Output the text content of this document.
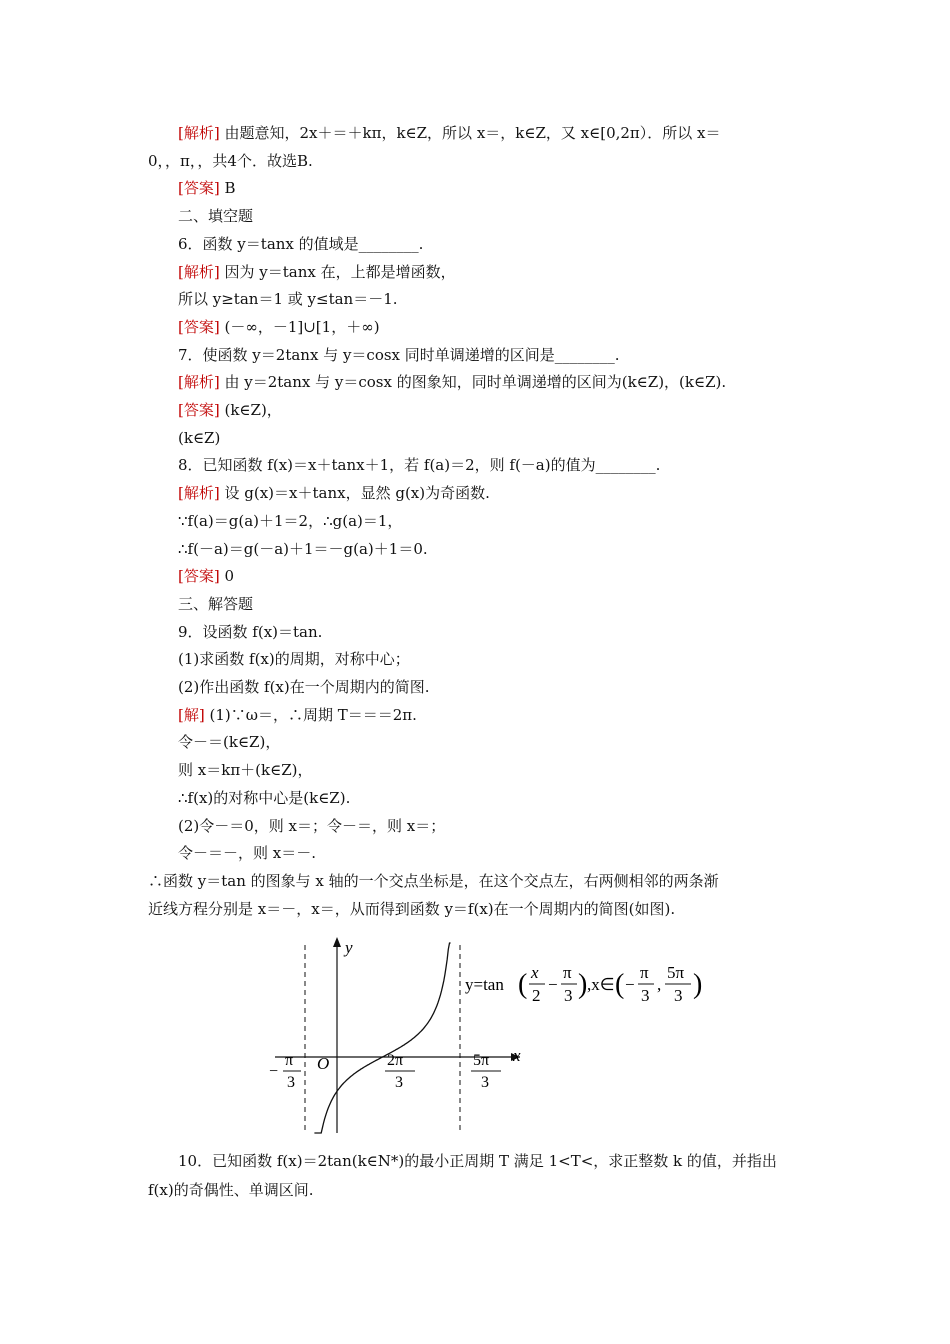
[解析] 由题意知，2x＋＝＋kπ，k∈Z，所以 x＝，k∈Z，又 x∈[0,2π）．所以 x＝
0，，π，，共4个．故选B.
[答案] B
二、填空题
6．函数 y＝tanx 的值域是________.
[解析] 因为 y＝tanx 在，上都是增函数，
所以 y≥tan＝1 或 y≤tan＝－1.
[答案] (－∞，－1]∪[1，＋∞)
7．使函数 y＝2tanx 与 y＝cosx 同时单调递增的区间是________.
[解析] 由 y＝2tanx 与 y＝cosx 的图象知，同时单调递增的区间为(k∈Z)，(k∈Z).
[答案] (k∈Z)，
(k∈Z)
8．已知函数 f(x)＝x＋tanx＋1，若 f(a)＝2，则 f(－a)的值为________.
[解析] 设 g(x)＝x＋tanx，显然 g(x)为奇函数.
∵f(a)＝g(a)＋1＝2，∴g(a)＝1，
∴f(－a)＝g(－a)＋1＝－g(a)＋1＝0.
[答案] 0
三、解答题
9．设函数 f(x)＝tan.
(1)求函数 f(x)的周期，对称中心；
(2)作出函数 f(x)在一个周期内的简图.
[解] (1)∵ω＝，∴周期 T＝＝＝2π.
令－＝(k∈Z)，
则 x＝kπ＋(k∈Z)，
∴f(x)的对称中心是(k∈Z).
(2)令－＝0，则 x＝；令－＝，则 x＝；
令－＝－，则 x＝－.
∴函数 y＝tan 的图象与 x 轴的一个交点坐标是，在这个交点左，右两侧相邻的两条渐
近线方程分别是 x＝－，x＝，从而得到函数 y＝f(x)在一个周期内的简图(如图).
y
x
O
−
π
3
2π
3
5π
3
y=tan ( x
2
−
π
3 ) ,x∈ ( −
π
3
,
5π
3 )
10．已知函数 f(x)＝2tan(k∈N*)的最小正周期 T 满足 1<T<，求正整数 k 的值，并指出
f(x)的奇偶性、单调区间.
